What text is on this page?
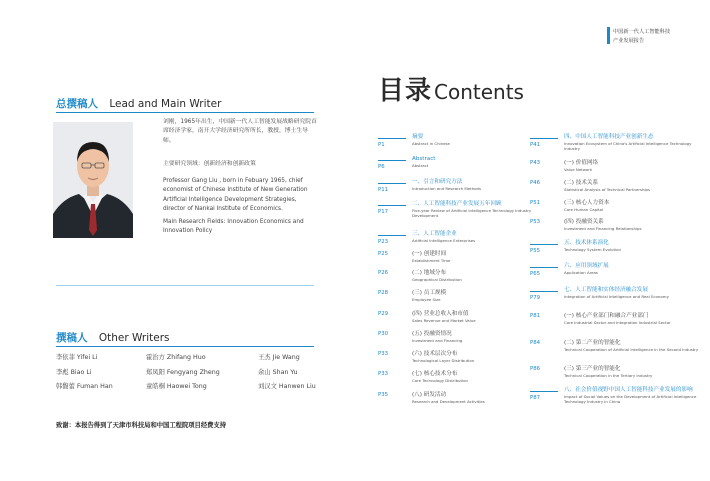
中国新一代人工智能科技
产业发展报告
总撰稿人 Lead and Main Writer
刘刚，1965年出生，中国新一代人工智能发展战略研究院首席经济学家，南开大学经济研究所所长，教授，博士生导师。
主要研究领域：创新经济和创新政策
Professor Gang Liu , born in Febuary 1965, chief economist of Chinese Institute of New Generation Artificial Intelligence Development Strategies, director of Nankai Institute of Economics.
Main Research Fields: Innovation Economics and Innovation Policy
撰稿人 Other Writers
李依菲 Yifei Li	霍治方 Zhifang Huo	王杰 Jie Wang
李彪 Biao Li	郑凤阳 Fengyang Zheng	余山 Shan Yu
韩馥蕾 Fuman Han	童皓桐 Haowei Tong	刘汉文 Hanwen Liu
致谢：本报告得到了天津市科技局和中国工程院项目经费支持
目录 Contents
P1
摘要
Abstract in Chinese
P6
Abstract
Abstract
P11
一、引言和研究方法
Introduction and Research Methods
P17
二、人工智能科技产业发展五年回顾
Five-year Review of Artificial Intelligence Technology Industry Development
P23
三、人工智能企业
Artificial Intelligence Enterprises
P25	(一) 创建时间
Establishment Time
P26	(二) 地域分布
Geographical Distribution
P28	(三) 员工规模
Employee Size
P29	(四) 营业总收入和市值
Sales Revenue and Market Value
P30	(五) 投融资情况
Investment and Financing
P33	(六) 技术层次分布
Technological Layer Distribution
P33	(七) 核心技术分布
Core Technology Distribution
P35	(八) 研发活动
Research and Development Activities
P41
四、中国人工智能科技产业创新生态
Innovation Ecosystem of China's Artificial Intelligence Technology Industry
P43	(一) 价值网络
Value Network
P46	(二) 技术关系
Statistical Analysis of Technical Partnerships
P51	(三) 核心人力资本
Core Human Capital
P53	(四) 投融资关系
Investment and Financing Relationships
P55
五、技术体系演化
Technology System Evolution
P65
六、应用领域扩展
Application Areas
P79
七、人工智能和实体经济融合发展
Integration of Artificial Intelligence and Real Economy
P81	(一) 核心产业部门和融合产业部门
Core Industrial Sector and Integration Industrial Sector
P84	(二) 第二产业的智能化
Technical Cooperation of Artificial Intelligence in the Second Industry
P86	(三) 第三产业的智能化
Technical Cooperation in the Tertiary Industry
P87
八、社会价值视野中国人工智能科技产业发展的影响
Impact of Social Values on the Development of Artificial Intelligence Technology Industry in China
